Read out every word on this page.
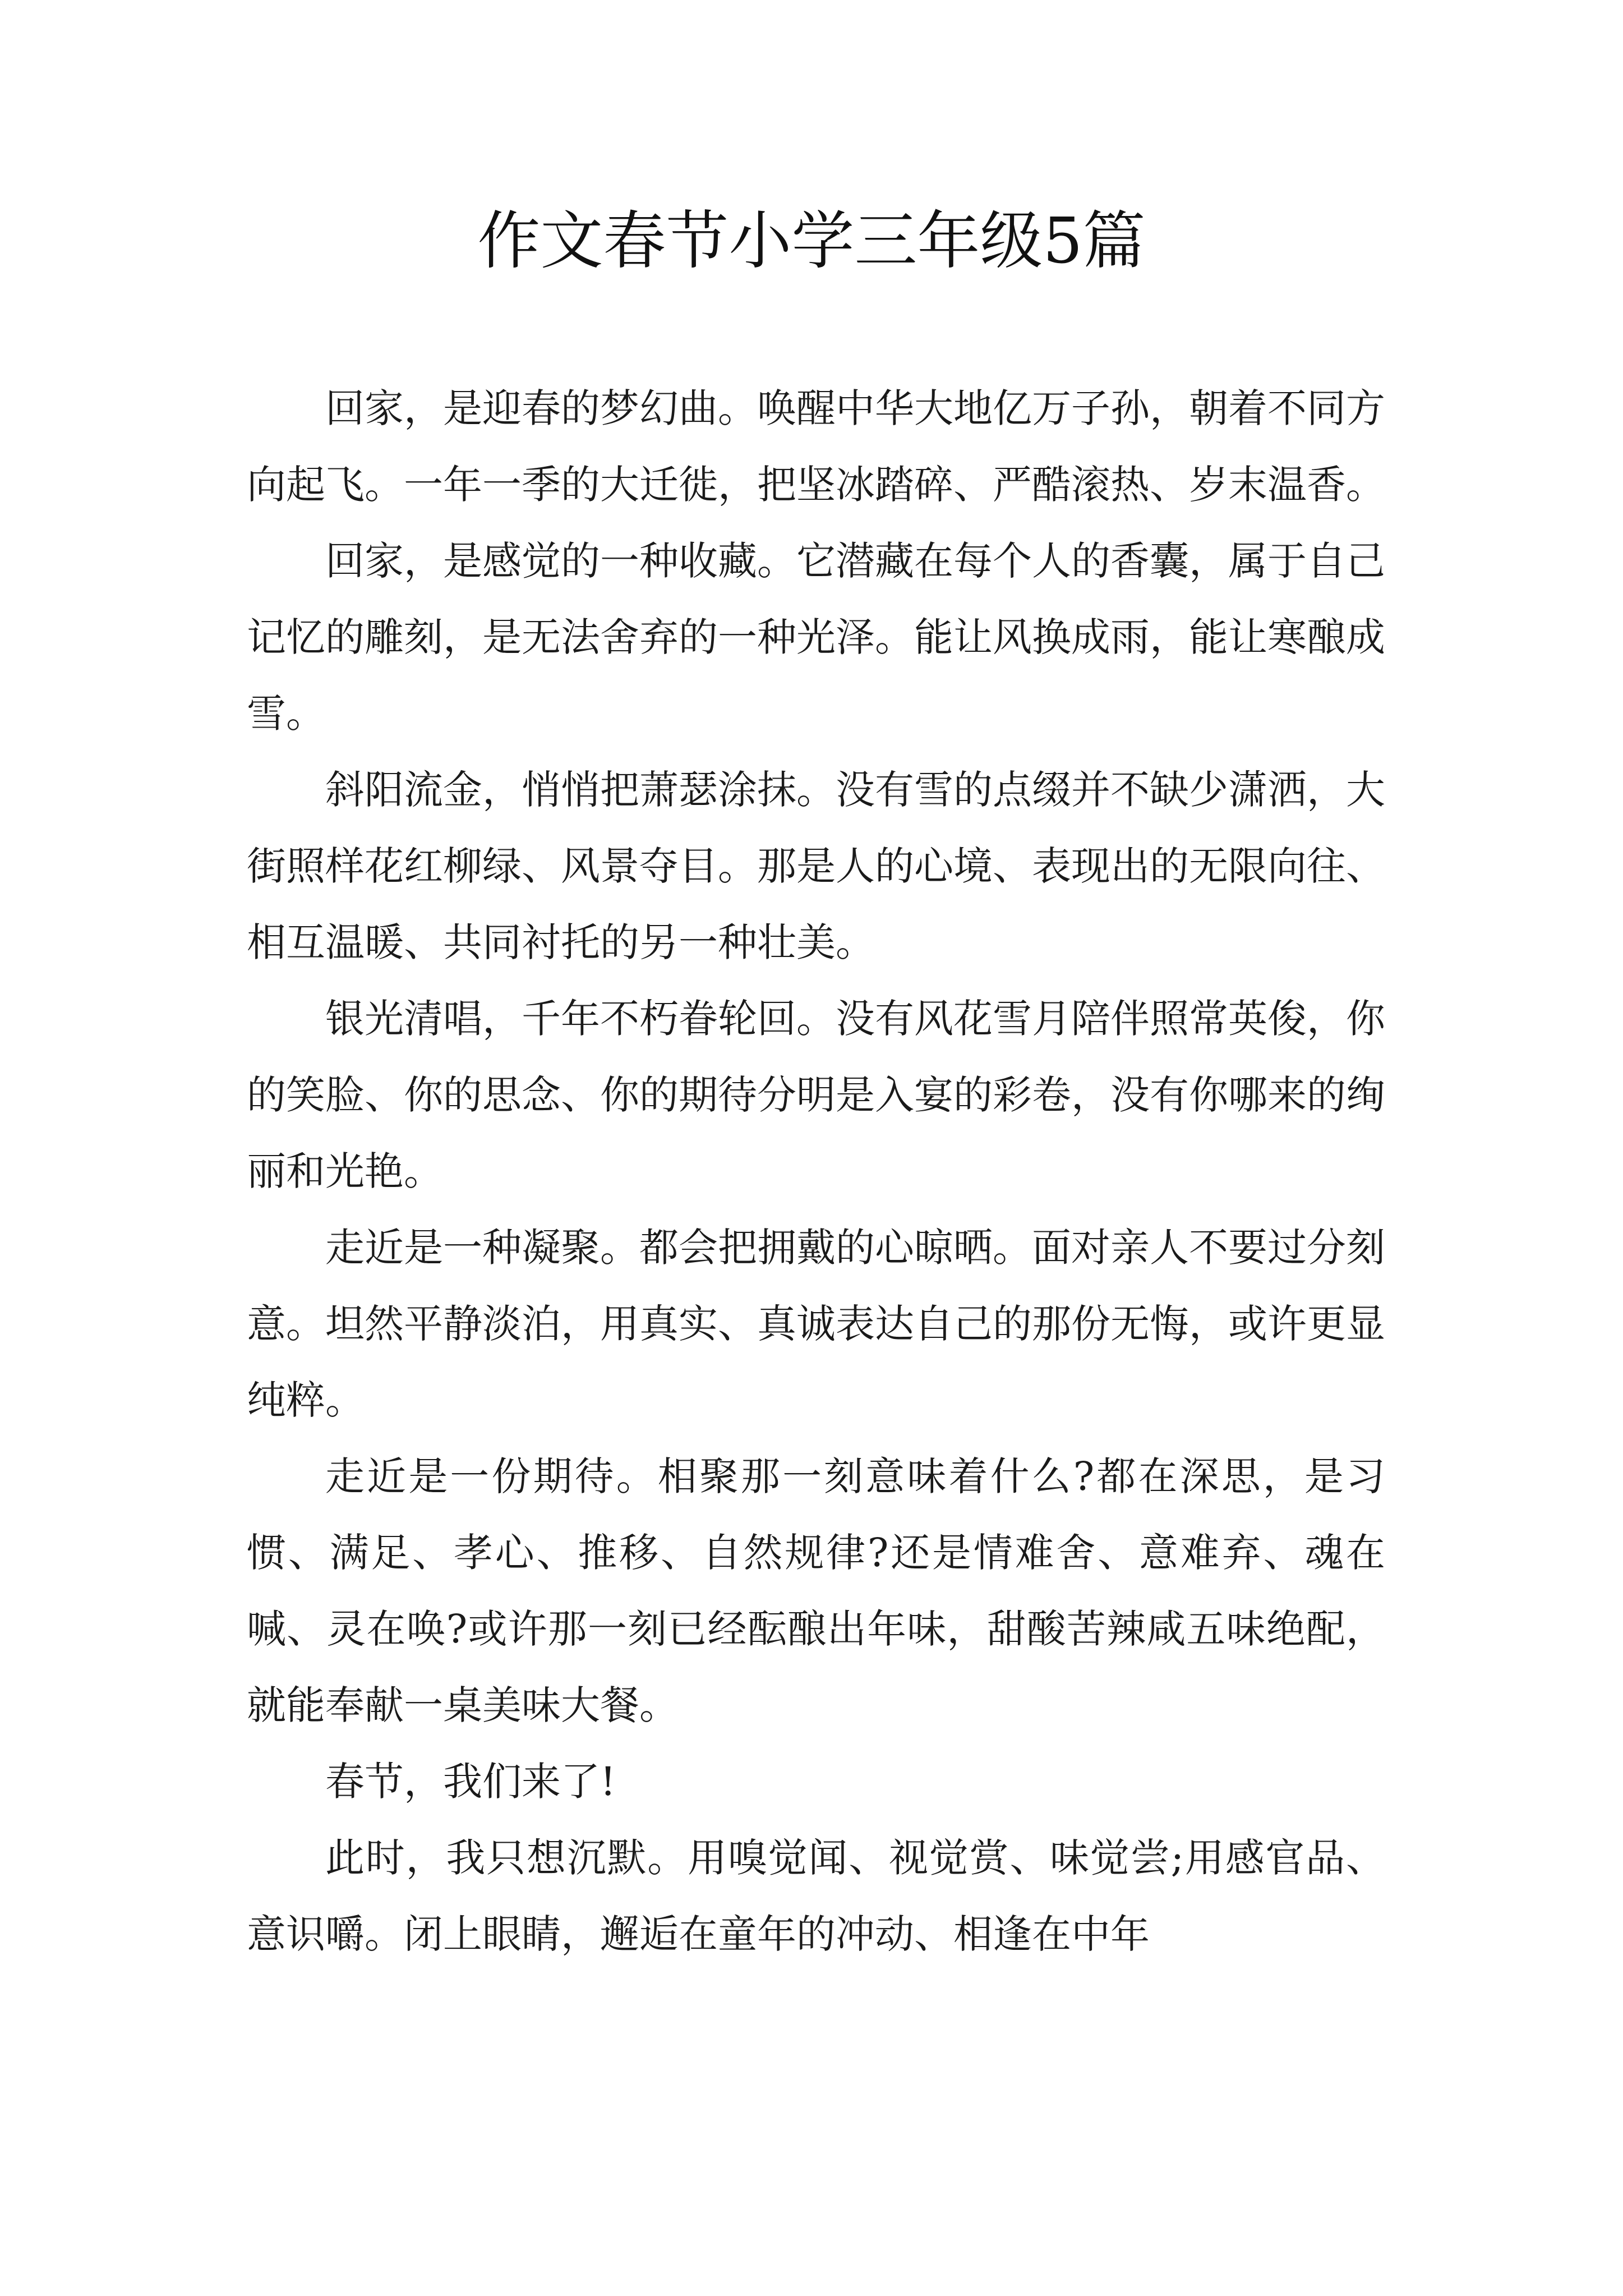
作文春节小学三年级5篇

回家，是迎春的梦幻曲。唤醒中华大地亿万子孙，朝着不同方向起飞。一年一季的大迁徙，把坚冰踏碎、严酷滚热、岁末温香。

回家，是感觉的一种收藏。它潜藏在每个人的香囊，属于自己记忆的雕刻，是无法舍弃的一种光泽。能让风换成雨，能让寒酿成雪。

斜阳流金，悄悄把萧瑟涂抹。没有雪的点缀并不缺少潇洒，大街照样花红柳绿、风景夺目。那是人的心境、表现出的无限向往、相互温暖、共同衬托的另一种壮美。

银光清唱，千年不朽眷轮回。没有风花雪月陪伴照常英俊，你的笑脸、你的思念、你的期待分明是入宴的彩卷，没有你哪来的绚丽和光艳。

走近是一种凝聚。都会把拥戴的心晾晒。面对亲人不要过分刻意。坦然平静淡泊，用真实、真诚表达自己的那份无悔，或许更显纯粹。

走近是一份期待。相聚那一刻意味着什么?都在深思，是习惯、满足、孝心、推移、自然规律?还是情难舍、意难弃、魂在喊、灵在唤?或许那一刻已经酝酿出年味，甜酸苦辣咸五味绝配，就能奉献一桌美味大餐。

春节，我们来了!

此时，我只想沉默。用嗅觉闻、视觉赏、味觉尝;用感官品、意识嚼。闭上眼睛，邂逅在童年的冲动、相逢在中年
